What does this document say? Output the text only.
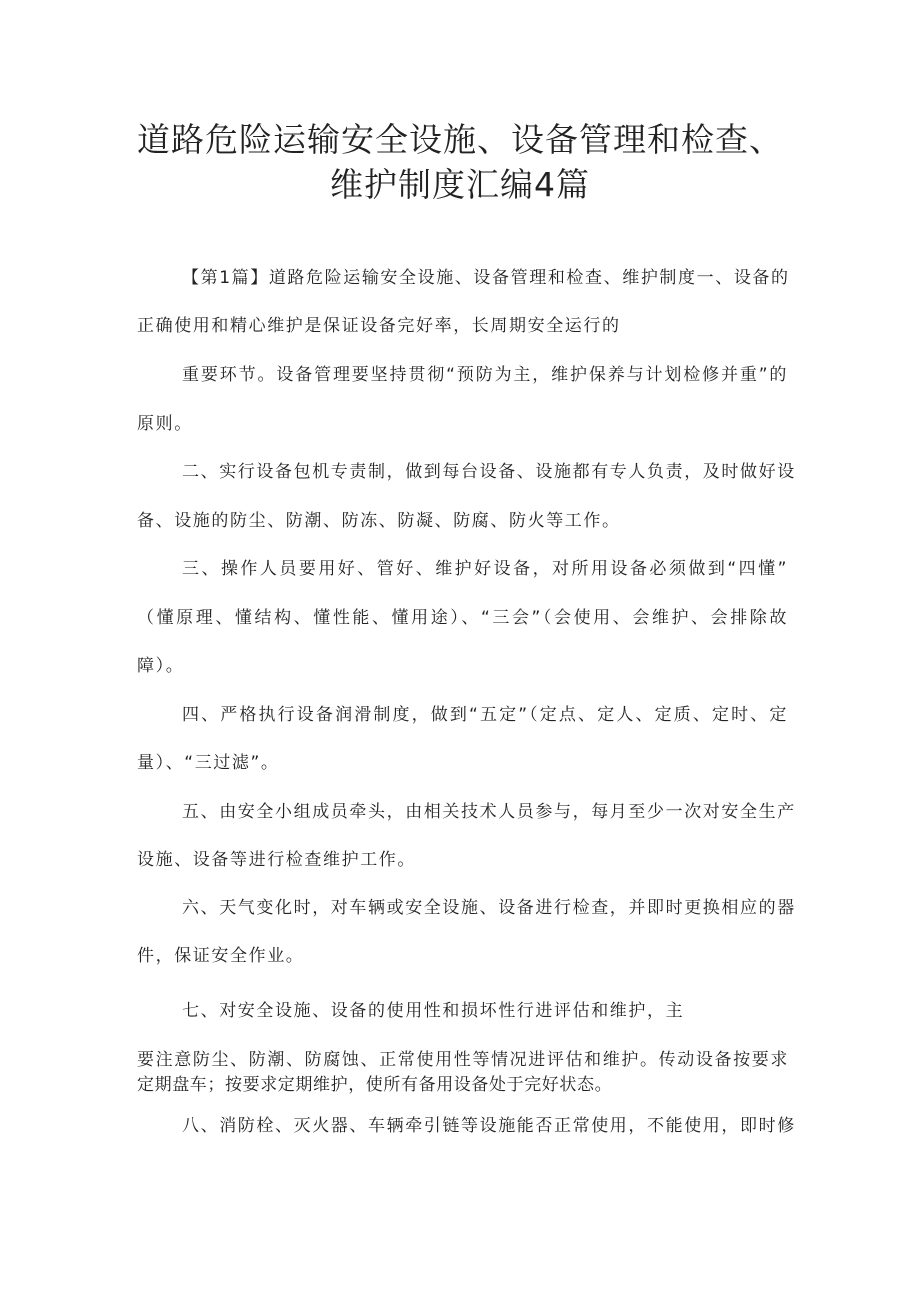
道路危险运输安全设施、设备管理和检查、
维护制度汇编4篇
【第1篇】道路危险运输安全设施、设备管理和检查、维护制度一、设备的
正确使用和精心维护是保证设备完好率，长周期安全运行的
重要环节。设备管理要坚持贯彻“预防为主，维护保养与计划检修并重”的
原则。
二、实行设备包机专责制，做到每台设备、设施都有专人负责，及时做好设
备、设施的防尘、防潮、防冻、防凝、防腐、防火等工作。
三、操作人员要用好、管好、维护好设备，对所用设备必须做到“四懂”
（懂原理、懂结构、懂性能、懂用途）、“三会”（会使用、会维护、会排除故
障）。
四、严格执行设备润滑制度，做到“五定”（定点、定人、定质、定时、定
量）、“三过滤”。
五、由安全小组成员牵头，由相关技术人员参与，每月至少一次对安全生产
设施、设备等进行检查维护工作。
六、天气变化时，对车辆或安全设施、设备进行检查，并即时更换相应的器
件，保证安全作业。
七、对安全设施、设备的使用性和损坏性行进评估和维护，主
要注意防尘、防潮、防腐蚀、正常使用性等情况进评估和维护。传动设备按要求
定期盘车；按要求定期维护，使所有备用设备处于完好状态。
八、消防栓、灭火器、车辆牵引链等设施能否正常使用，不能使用，即时修
